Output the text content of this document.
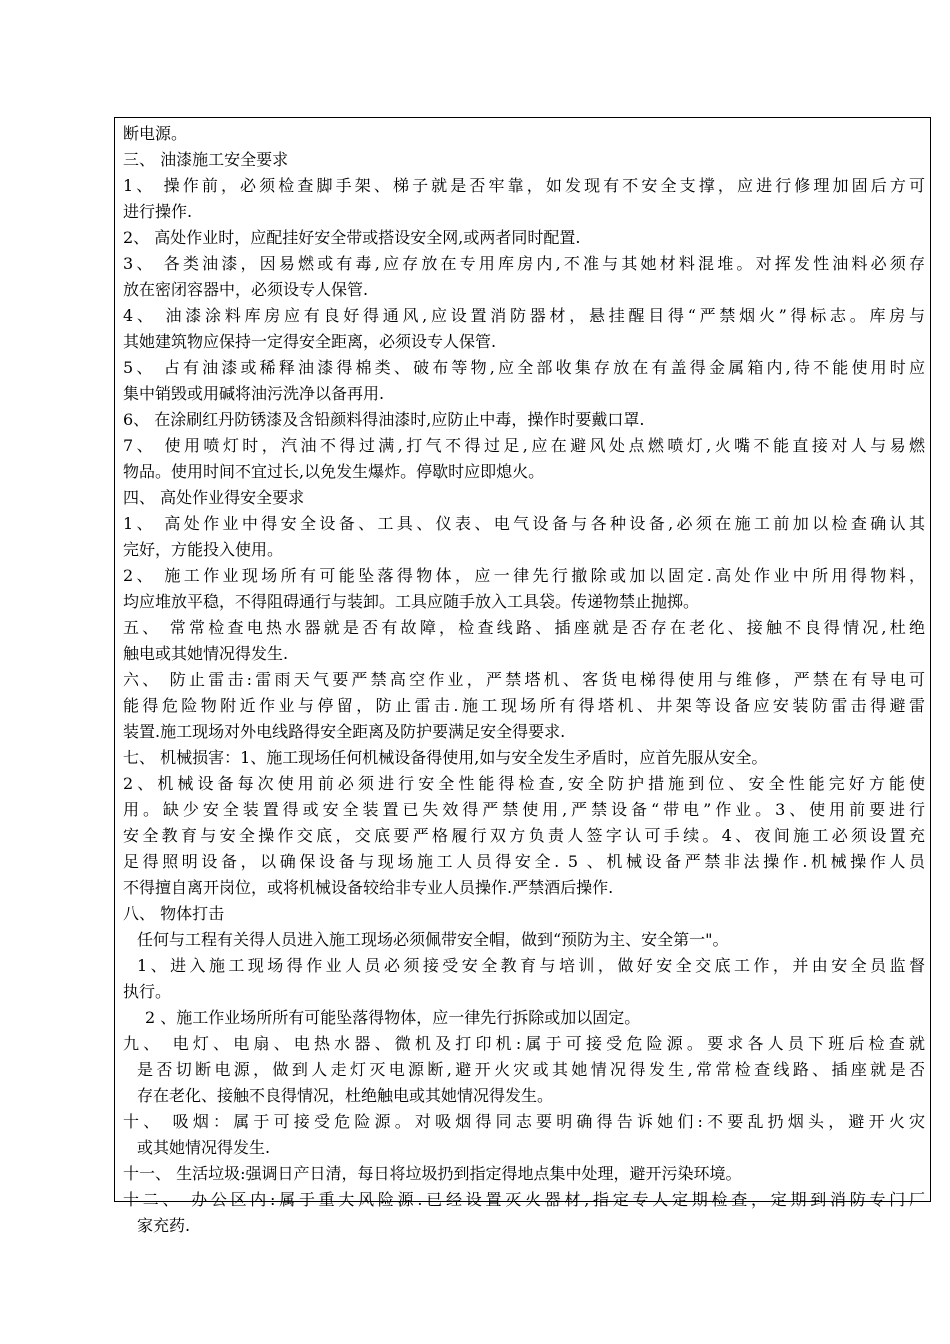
断电源。
三、 油漆施工安全要求
1、 操作前，必须检查脚手架、梯子就是否牢靠，如发现有不安全支撑，应进行修理加固后方可
进行操作.
2、 高处作业时，应配挂好安全带或搭设安全网,或两者同时配置.
3、 各类油漆，因易燃或有毒,应存放在专用库房内,不准与其她材料混堆。对挥发性油料必须存
放在密闭容器中，必须设专人保管.
4、 油漆涂料库房应有良好得通风,应设置消防器材，悬挂醒目得“严禁烟火”得标志。库房与
其她建筑物应保持一定得安全距离，必须设专人保管.
5、 占有油漆或稀释油漆得棉类、破布等物,应全部收集存放在有盖得金属箱内,待不能使用时应
集中销毁或用碱将油污洗净以备再用.
6、 在涂刷红丹防锈漆及含铅颜料得油漆时,应防止中毒，操作时要戴口罩.
7、 使用喷灯时，汽油不得过满,打气不得过足,应在避风处点燃喷灯,火嘴不能直接对人与易燃
物品。使用时间不宜过长,以免发生爆炸。停歇时应即熄火。
四、 高处作业得安全要求
1、 高处作业中得安全设备、工具、仪表、电气设备与各种设备,必须在施工前加以检查确认其
完好，方能投入使用。
2、 施工作业现场所有可能坠落得物体，应一律先行撤除或加以固定.高处作业中所用得物料，
均应堆放平稳，不得阻碍通行与装卸。工具应随手放入工具袋。传递物禁止抛掷。
五、 常常检查电热水器就是否有故障，检查线路、插座就是否存在老化、接触不良得情况,杜绝
触电或其她情况得发生.
六、 防止雷击:雷雨天气要严禁高空作业，严禁塔机、客货电梯得使用与维修，严禁在有导电可
能得危险物附近作业与停留，防止雷击.施工现场所有得塔机、井架等设备应安装防雷击得避雷
装置.施工现场对外电线路得安全距离及防护要满足安全得要求.
七、 机械损害：1、施工现场任何机械设备得使用,如与安全发生矛盾时，应首先服从安全。
2、机械设备每次使用前必须进行安全性能得检查,安全防护措施到位、安全性能完好方能使
用。缺少安全装置得或安全装置已失效得严禁使用,严禁设备“带电”作业。3、使用前要进行
安全教育与安全操作交底，交底要严格履行双方负责人签字认可手续。4、夜间施工必须设置充
足得照明设备，以确保设备与现场施工人员得安全. 5 、机械设备严禁非法操作.机械操作人员
不得擅自离开岗位，或将机械设备较给非专业人员操作.严禁酒后操作.
八、 物体打击
任何与工程有关得人员进入施工现场必须佩带安全帽，做到“预防为主、安全第一"。
1、进入施工现场得作业人员必须接受安全教育与培训，做好安全交底工作，并由安全员监督
执行。
2 、施工作业场所所有可能坠落得物体，应一律先行拆除或加以固定。
九、 电灯、电扇、电热水器、微机及打印机:属于可接受危险源。要求各人员下班后检查就
是否切断电源，做到人走灯灭电源断,避开火灾或其她情况得发生,常常检查线路、插座就是否
存在老化、接触不良得情况，杜绝触电或其她情况得发生。
十、 吸烟：属于可接受危险源。对吸烟得同志要明确得告诉她们:不要乱扔烟头，避开火灾
或其她情况得发生.
十一、 生活垃圾:强调日产日清，每日将垃圾扔到指定得地点集中处理，避开污染环境。
十二、 办公区内:属于重大风险源.已经设置灭火器材,指定专人定期检查，定期到消防专门厂
家充药.
